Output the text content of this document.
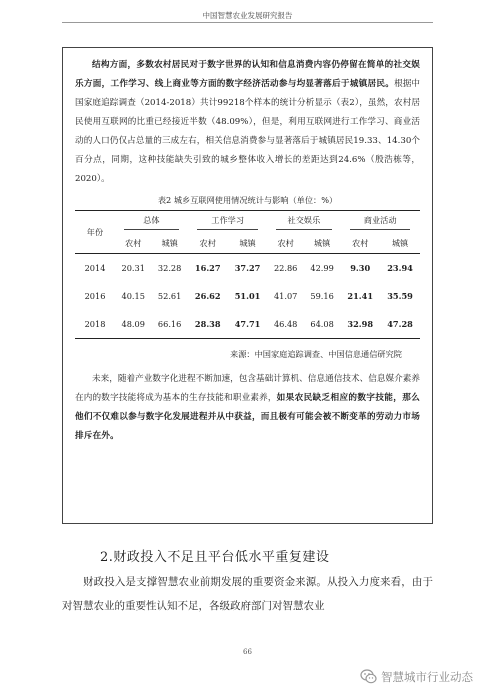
中国智慧农业发展研究报告

结构方面，多数农村居民对于数字世界的认知和信息消费内容仍停留在简单的社交娱乐方面，工作学习、线上商业等方面的数字经济活动参与均显著落后于城镇居民。根据中国家庭追踪调查（2014-2018）共计99218个样本的统计分析显示（表2），虽然，农村居民使用互联网的比重已经接近半数（48.09%），但是，利用互联网进行工作学习、商业活动的人口仍仅占总量的三成左右，相关信息消费参与显著落后于城镇居民19.33、14.30个百分点，同期，这种技能缺失引致的城乡整体收入增长的差距达到24.6%（殷浩栋等，2020）。

表2 城乡互联网使用情况统计与影响（单位：%）
年份	总体		工作学习		社交娱乐		商业活动	
	农村	城镇	农村	城镇	农村	城镇	农村	城镇
2014	20.31	32.28	16.27	37.27	22.86	42.99	9.30	23.94
2016	40.15	52.61	26.62	51.01	41.07	59.16	21.41	35.59
2018	48.09	66.16	28.38	47.71	46.48	64.08	32.98	47.28
来源：中国家庭追踪调查、中国信息通信研究院

未来，随着产业数字化进程不断加速，包含基础计算机、信息通信技术、信息媒介素养在内的数字技能将成为基本的生存技能和职业素养，如果农民缺乏相应的数字技能，那么他们不仅难以参与数字化发展进程并从中获益，而且极有可能会被不断变革的劳动力市场排斥在外。

2.财政投入不足且平台低水平重复建设

财政投入是支撑智慧农业前期发展的重要资金来源。从投入力度来看，由于对智慧农业的重要性认知不足，各级政府部门对智慧农业

66
智慧城市行业动态
